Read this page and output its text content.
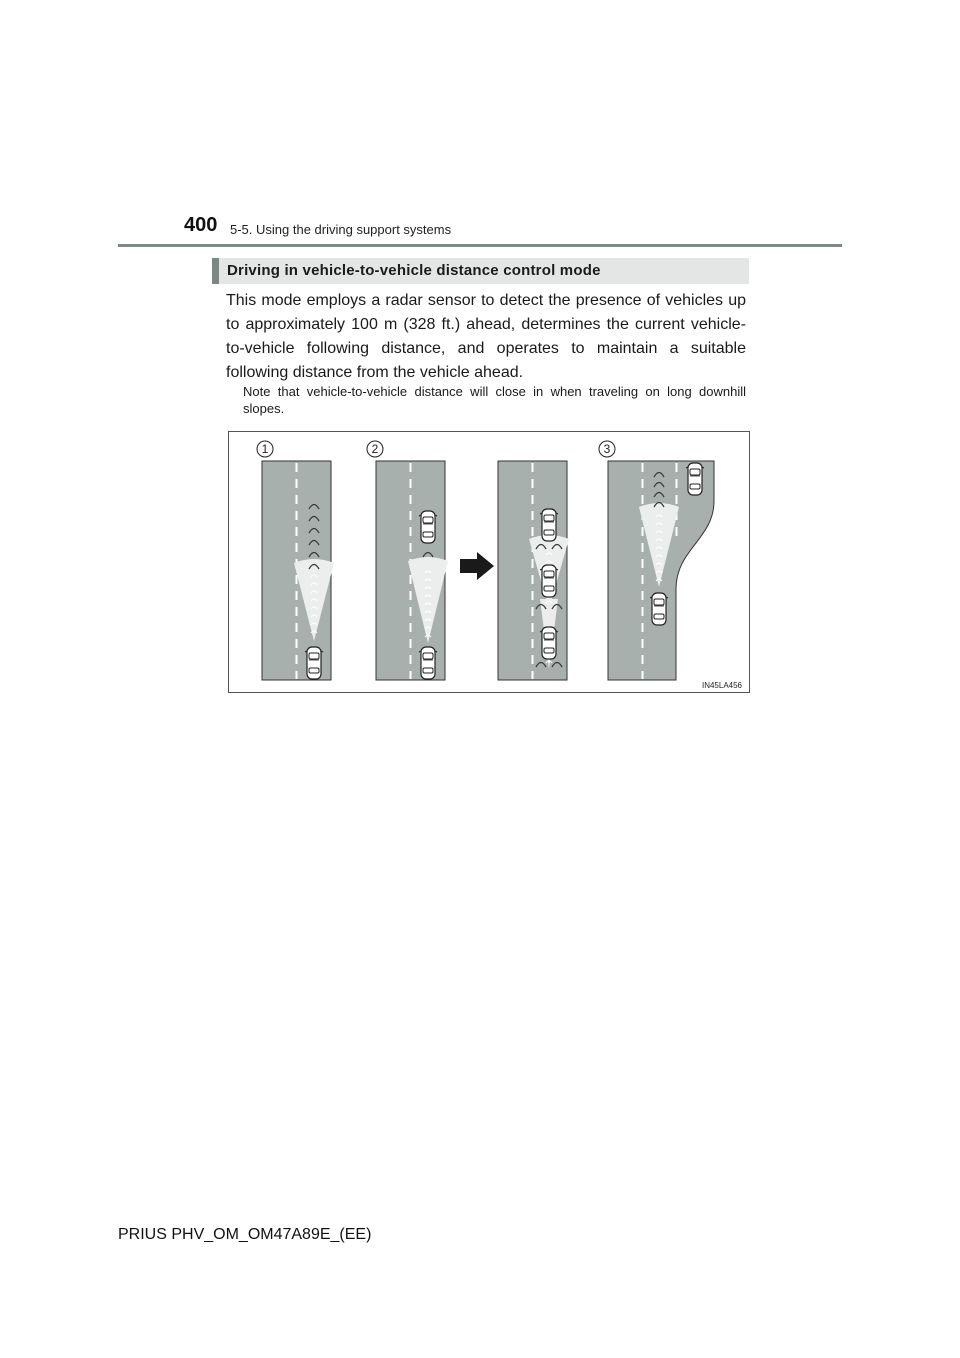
400 5-5. Using the driving support systems
Driving in vehicle-to-vehicle distance control mode

This mode employs a radar sensor to detect the presence of vehicles up to approximately 100 m (328 ft.) ahead, determines the current vehicle-to-vehicle following distance, and operates to maintain a suitable following distance from the vehicle ahead.

Note that vehicle-to-vehicle distance will close in when traveling on long downhill slopes.

1	2	3
IN45LA456
PRIUS PHV_OM_OM47A89E_(EE)
